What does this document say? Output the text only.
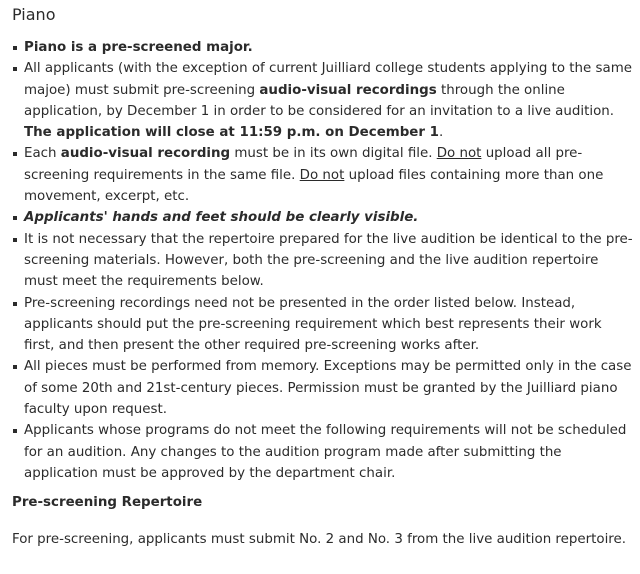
Piano
Piano is a pre-screened major.
All applicants (with the exception of current Juilliard college students applying to the same majoe) must submit pre-screening audio-visual recordings through the online application, by December 1 in order to be considered for an invitation to a live audition. The application will close at 11:59 p.m. on December 1.
Each audio-visual recording must be in its own digital file. Do not upload all pre-screening requirements in the same file. Do not upload files containing more than one movement, excerpt, etc.
Applicants' hands and feet should be clearly visible.
It is not necessary that the repertoire prepared for the live audition be identical to the pre-screening materials. However, both the pre-screening and the live audition repertoire must meet the requirements below.
Pre-screening recordings need not be presented in the order listed below. Instead, applicants should put the pre-screening requirement which best represents their work first, and then present the other required pre-screening works after.
All pieces must be performed from memory. Exceptions may be permitted only in the case of some 20th and 21st-century pieces. Permission must be granted by the Juilliard piano faculty upon request.
Applicants whose programs do not meet the following requirements will not be scheduled for an audition. Any changes to the audition program made after submitting the application must be approved by the department chair.
Pre-screening Repertoire

For pre-screening, applicants must submit No. 2 and No. 3 from the live audition repertoire.
